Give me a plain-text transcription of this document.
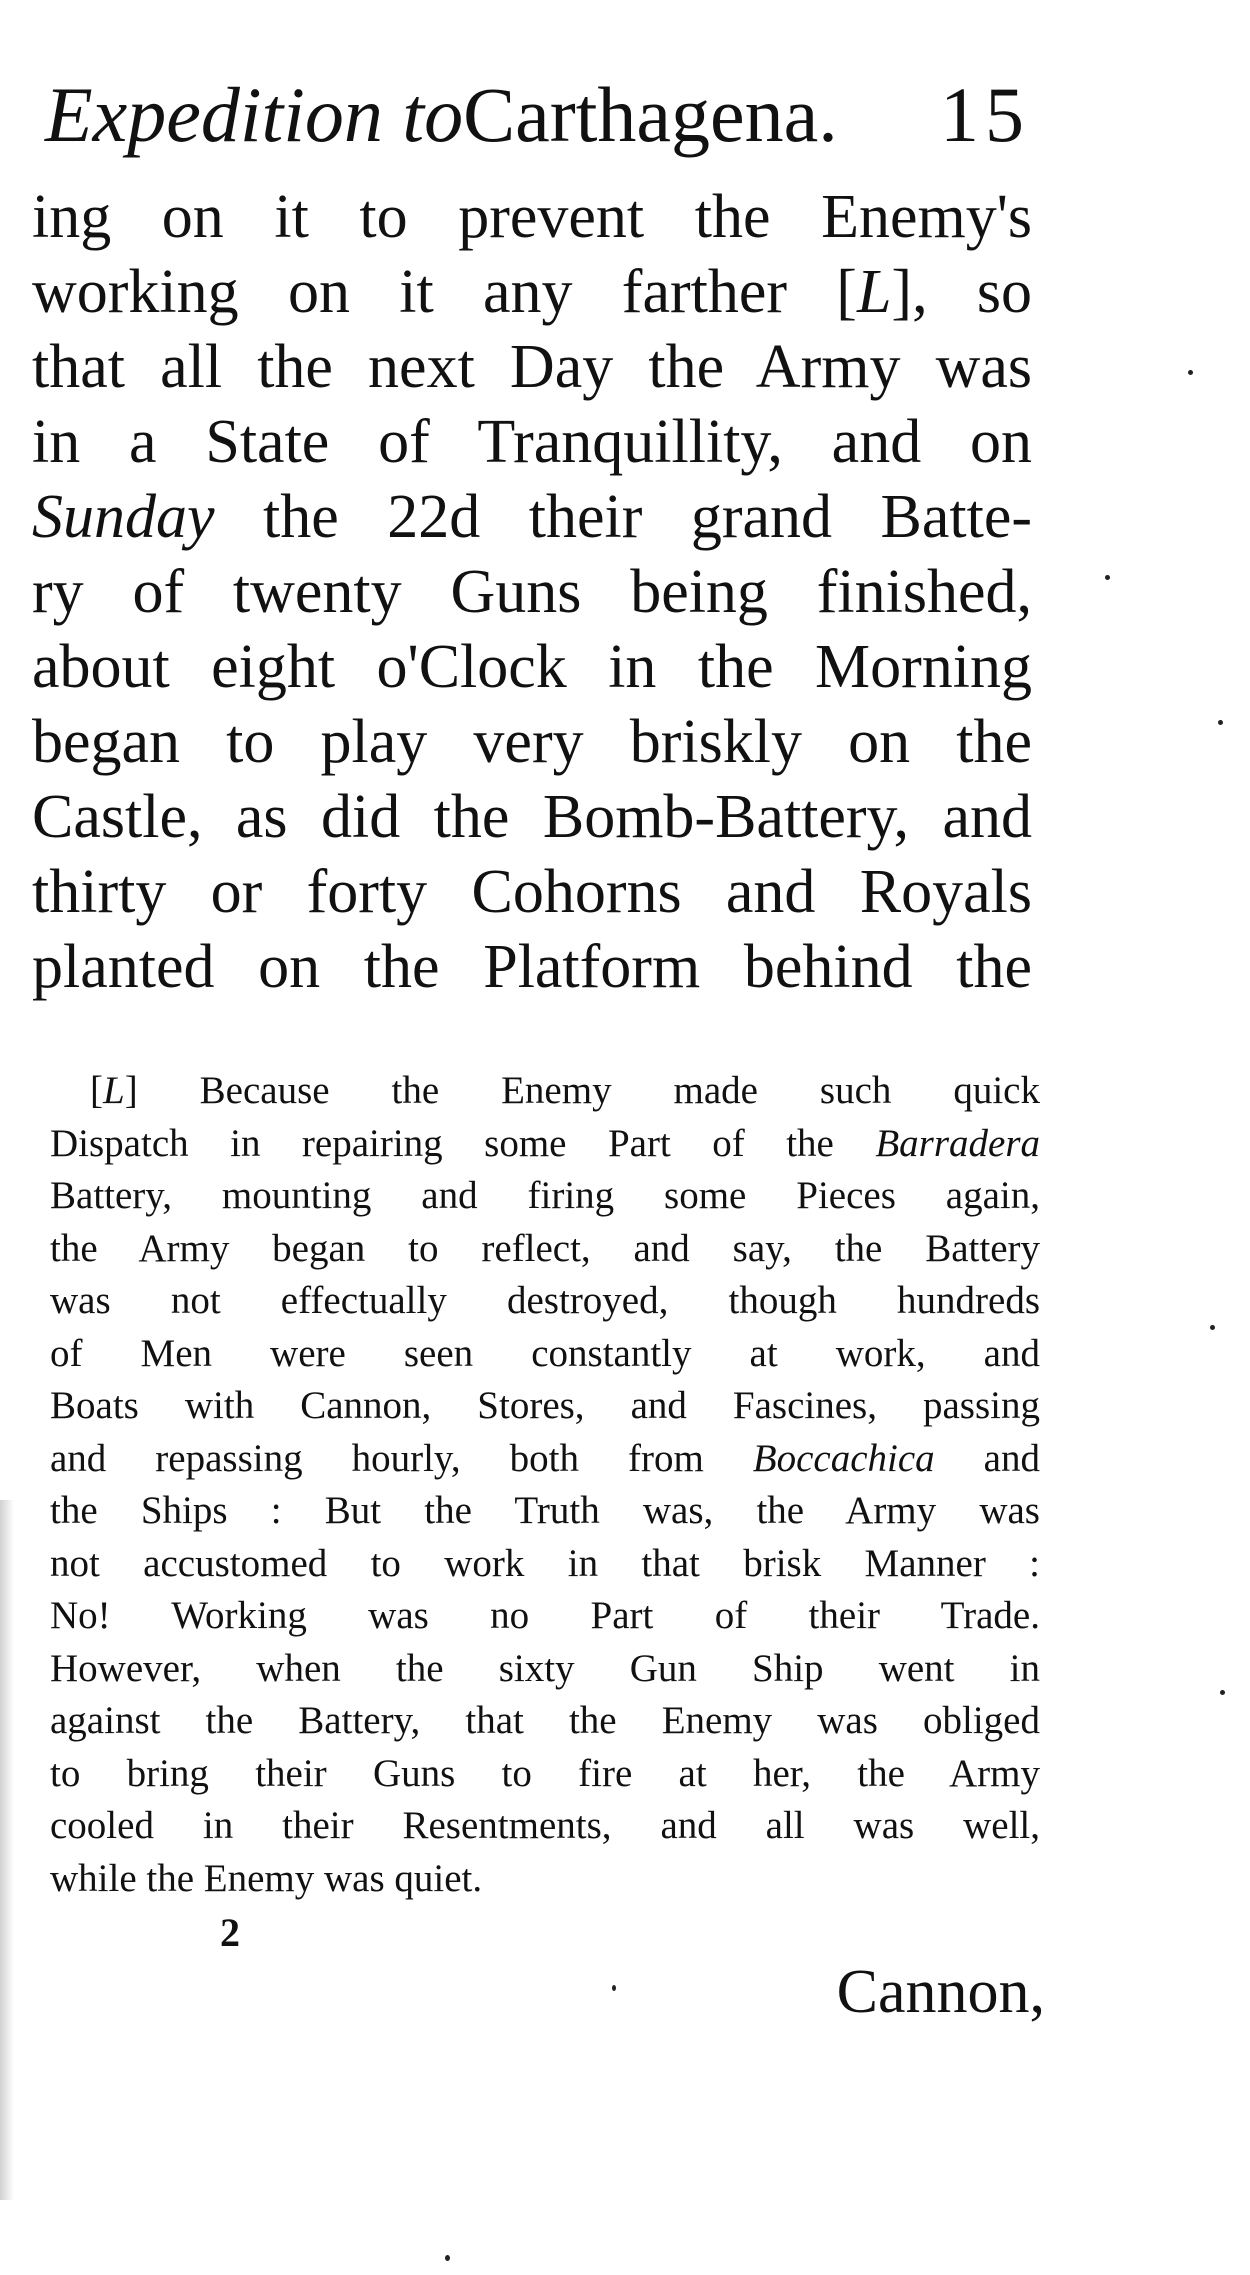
Expedition toCarthagena. 15
ing on it to prevent the Enemy's
working on it any farther [L], so
that all the next Day the Army was
in a State of Tranquillity, and on
Sunday the 22d their grand Batte-
ry of twenty Guns being finished,
about eight o'Clock in the Morning
began to play very briskly on the
Castle, as did the Bomb-Battery, and
thirty or forty Cohorns and Royals
planted on the Platform behind the
[L] Because the Enemy made such quick
Dispatch in repairing some Part of the Barradera
Battery, mounting and firing some Pieces again,
the Army began to reflect, and say, the Battery
was not effectually destroyed, though hundreds
of Men were seen constantly at work, and
Boats with Cannon, Stores, and Fascines, passing
and repassing hourly, both from Boccachica and
the Ships : But the Truth was, the Army was
not accustomed to work in that brisk Manner :
No! Working was no Part of their Trade.
However, when the sixty Gun Ship went in
against the Battery, that the Enemy was obliged
to bring their Guns to fire at her, the Army
cooled in their Resentments, and all was well,
while the Enemy was quiet.
2
Cannon,
